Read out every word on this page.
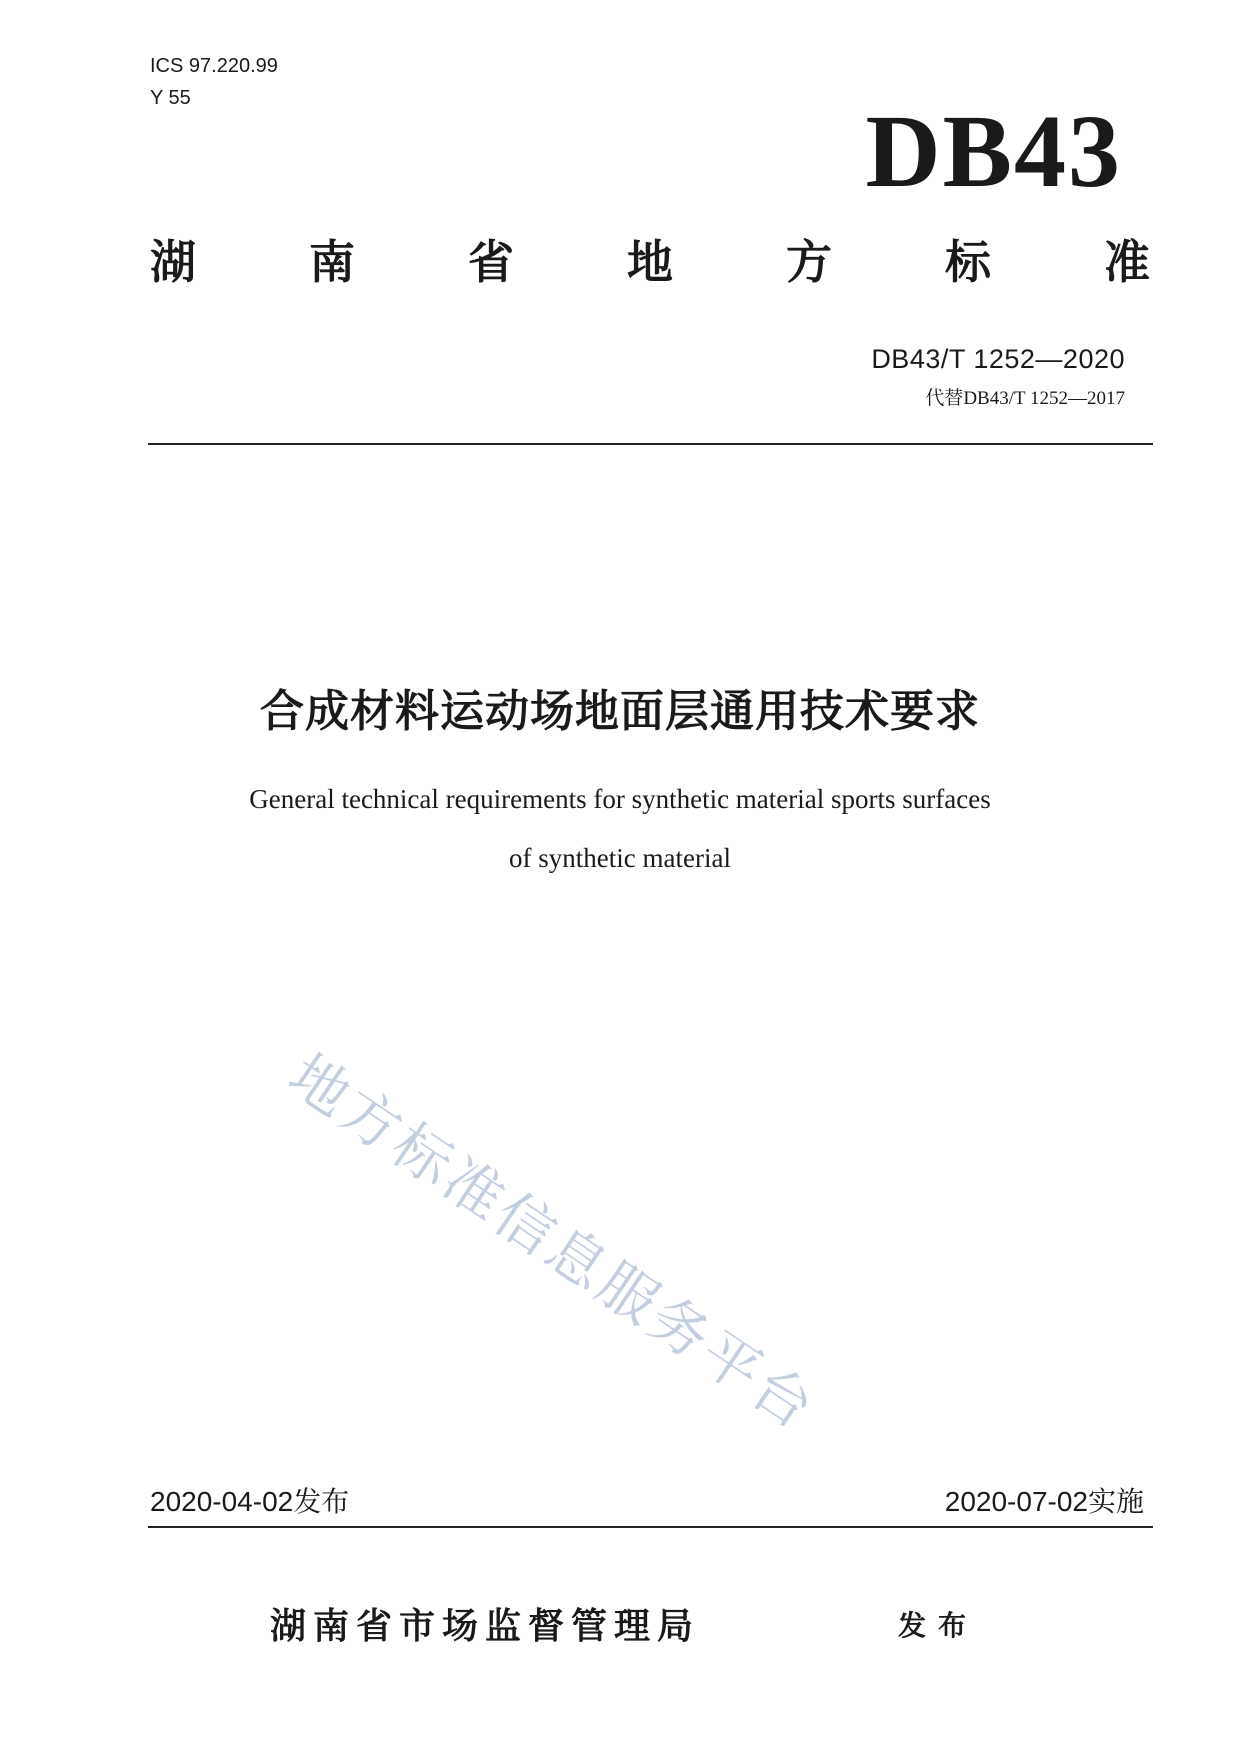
ICS 97.220.99
Y 55	DB43
湖 南 省 地 方 标 准
DB43/T 1252—2020
代替DB43/T 1252—2017
合成材料运动场地面层通用技术要求
General technical requirements for synthetic material sports surfaces
of synthetic material
地方标准信息服务平台
2020-04-02发布	2020-07-02实施
湖南省市场监督管理局	发布
